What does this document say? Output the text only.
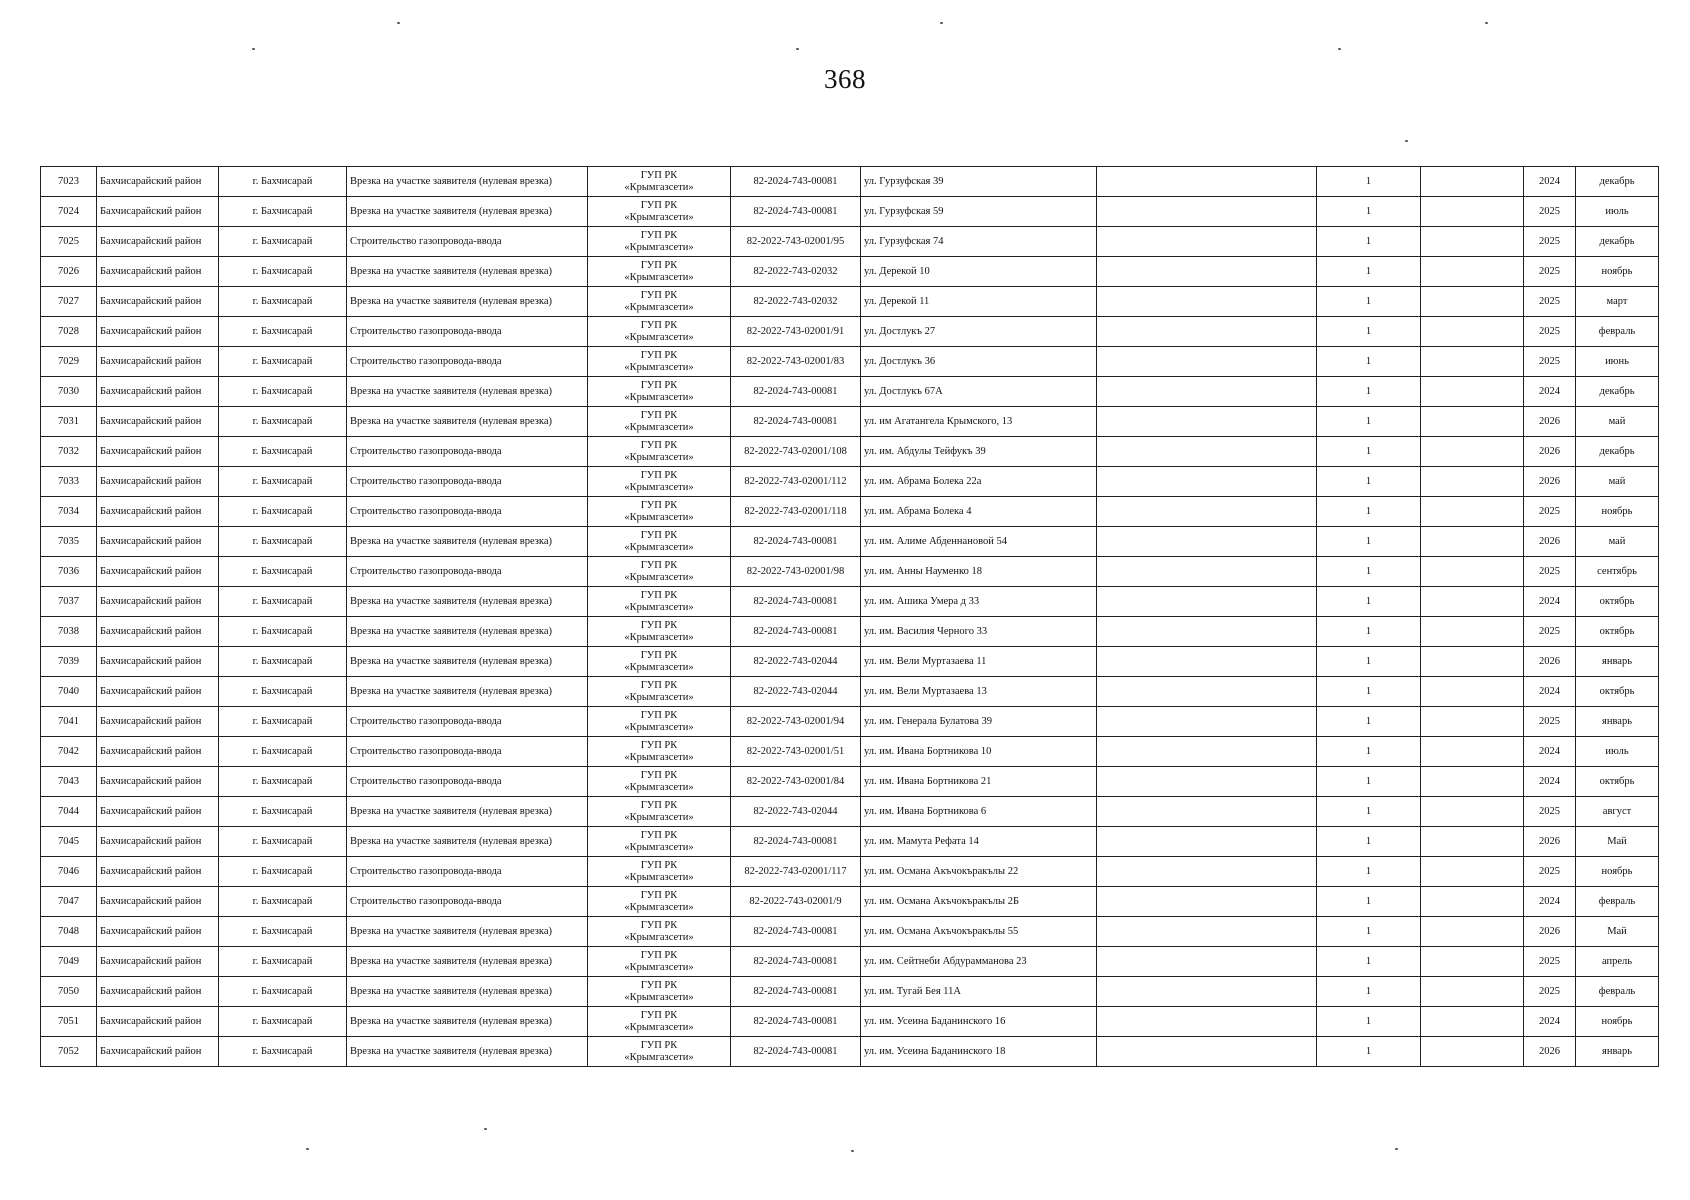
368
7023	Бахчисарайский район	г. Бахчисарай	Врезка на участке заявителя (нулевая врезка)	ГУП РК
«Крымгазсети»	82-2024-743-00081	ул. Гурзуфская 39		1		2024	декабрь
7024	Бахчисарайский район	г. Бахчисарай	Врезка на участке заявителя (нулевая врезка)	ГУП РК
«Крымгазсети»	82-2024-743-00081	ул. Гурзуфская 59		1		2025	июль
7025	Бахчисарайский район	г. Бахчисарай	Строительство газопровода-ввода	ГУП РК
«Крымгазсети»	82-2022-743-02001/95	ул. Гурзуфская 74		1		2025	декабрь
7026	Бахчисарайский район	г. Бахчисарай	Врезка на участке заявителя (нулевая врезка)	ГУП РК
«Крымгазсети»	82-2022-743-02032	ул. Дерекой 10		1		2025	ноябрь
7027	Бахчисарайский район	г. Бахчисарай	Врезка на участке заявителя (нулевая врезка)	ГУП РК
«Крымгазсети»	82-2022-743-02032	ул. Дерекой 11		1		2025	март
7028	Бахчисарайский район	г. Бахчисарай	Строительство газопровода-ввода	ГУП РК
«Крымгазсети»	82-2022-743-02001/91	ул. Достлукъ 27		1		2025	февраль
7029	Бахчисарайский район	г. Бахчисарай	Строительство газопровода-ввода	ГУП РК
«Крымгазсети»	82-2022-743-02001/83	ул. Достлукъ 36		1		2025	июнь
7030	Бахчисарайский район	г. Бахчисарай	Врезка на участке заявителя (нулевая врезка)	ГУП РК
«Крымгазсети»	82-2024-743-00081	ул. Достлукъ 67А		1		2024	декабрь
7031	Бахчисарайский район	г. Бахчисарай	Врезка на участке заявителя (нулевая врезка)	ГУП РК
«Крымгазсети»	82-2024-743-00081	ул. им Агатангела Крымского, 13		1		2026	май
7032	Бахчисарайский район	г. Бахчисарай	Строительство газопровода-ввода	ГУП РК
«Крымгазсети»	82-2022-743-02001/108	ул. им. Абдулы Тейфукъ 39		1		2026	декабрь
7033	Бахчисарайский район	г. Бахчисарай	Строительство газопровода-ввода	ГУП РК
«Крымгазсети»	82-2022-743-02001/112	ул. им. Абрама Болека 22а		1		2026	май
7034	Бахчисарайский район	г. Бахчисарай	Строительство газопровода-ввода	ГУП РК
«Крымгазсети»	82-2022-743-02001/118	ул. им. Абрама Болека 4		1		2025	ноябрь
7035	Бахчисарайский район	г. Бахчисарай	Врезка на участке заявителя (нулевая врезка)	ГУП РК
«Крымгазсети»	82-2024-743-00081	ул. им. Алиме Абденнановой 54		1		2026	май
7036	Бахчисарайский район	г. Бахчисарай	Строительство газопровода-ввода	ГУП РК
«Крымгазсети»	82-2022-743-02001/98	ул. им. Анны Науменко 18		1		2025	сентябрь
7037	Бахчисарайский район	г. Бахчисарай	Врезка на участке заявителя (нулевая врезка)	ГУП РК
«Крымгазсети»	82-2024-743-00081	ул. им. Ашика Умера д 33		1		2024	октябрь
7038	Бахчисарайский район	г. Бахчисарай	Врезка на участке заявителя (нулевая врезка)	ГУП РК
«Крымгазсети»	82-2024-743-00081	ул. им. Василия Черного 33		1		2025	октябрь
7039	Бахчисарайский район	г. Бахчисарай	Врезка на участке заявителя (нулевая врезка)	ГУП РК
«Крымгазсети»	82-2022-743-02044	ул. им. Вели Муртазаева 11		1		2026	январь
7040	Бахчисарайский район	г. Бахчисарай	Врезка на участке заявителя (нулевая врезка)	ГУП РК
«Крымгазсети»	82-2022-743-02044	ул. им. Вели Муртазаева 13		1		2024	октябрь
7041	Бахчисарайский район	г. Бахчисарай	Строительство газопровода-ввода	ГУП РК
«Крымгазсети»	82-2022-743-02001/94	ул. им. Генерала Булатова 39		1		2025	январь
7042	Бахчисарайский район	г. Бахчисарай	Строительство газопровода-ввода	ГУП РК
«Крымгазсети»	82-2022-743-02001/51	ул. им. Ивана Бортникова 10		1		2024	июль
7043	Бахчисарайский район	г. Бахчисарай	Строительство газопровода-ввода	ГУП РК
«Крымгазсети»	82-2022-743-02001/84	ул. им. Ивана Бортникова 21		1		2024	октябрь
7044	Бахчисарайский район	г. Бахчисарай	Врезка на участке заявителя (нулевая врезка)	ГУП РК
«Крымгазсети»	82-2022-743-02044	ул. им. Ивана Бортникова 6		1		2025	август
7045	Бахчисарайский район	г. Бахчисарай	Врезка на участке заявителя (нулевая врезка)	ГУП РК
«Крымгазсети»	82-2024-743-00081	ул. им. Мамута Рефата 14		1		2026	Май
7046	Бахчисарайский район	г. Бахчисарай	Строительство газопровода-ввода	ГУП РК
«Крымгазсети»	82-2022-743-02001/117	ул. им. Османа Акъчокъракълы 22		1		2025	ноябрь
7047	Бахчисарайский район	г. Бахчисарай	Строительство газопровода-ввода	ГУП РК
«Крымгазсети»	82-2022-743-02001/9	ул. им. Османа Акъчокъракълы 2Б		1		2024	февраль
7048	Бахчисарайский район	г. Бахчисарай	Врезка на участке заявителя (нулевая врезка)	ГУП РК
«Крымгазсети»	82-2024-743-00081	ул. им. Османа Акъчокъракълы 55		1		2026	Май
7049	Бахчисарайский район	г. Бахчисарай	Врезка на участке заявителя (нулевая врезка)	ГУП РК
«Крымгазсети»	82-2024-743-00081	ул. им. Сейтнеби Абдурамманова 23		1		2025	апрель
7050	Бахчисарайский район	г. Бахчисарай	Врезка на участке заявителя (нулевая врезка)	ГУП РК
«Крымгазсети»	82-2024-743-00081	ул. им. Тугай Бея 11А		1		2025	февраль
7051	Бахчисарайский район	г. Бахчисарай	Врезка на участке заявителя (нулевая врезка)	ГУП РК
«Крымгазсети»	82-2024-743-00081	ул. им. Усеина Баданинского 16		1		2024	ноябрь
7052	Бахчисарайский район	г. Бахчисарай	Врезка на участке заявителя (нулевая врезка)	ГУП РК
«Крымгазсети»	82-2024-743-00081	ул. им. Усеина Баданинского 18		1		2026	январь
